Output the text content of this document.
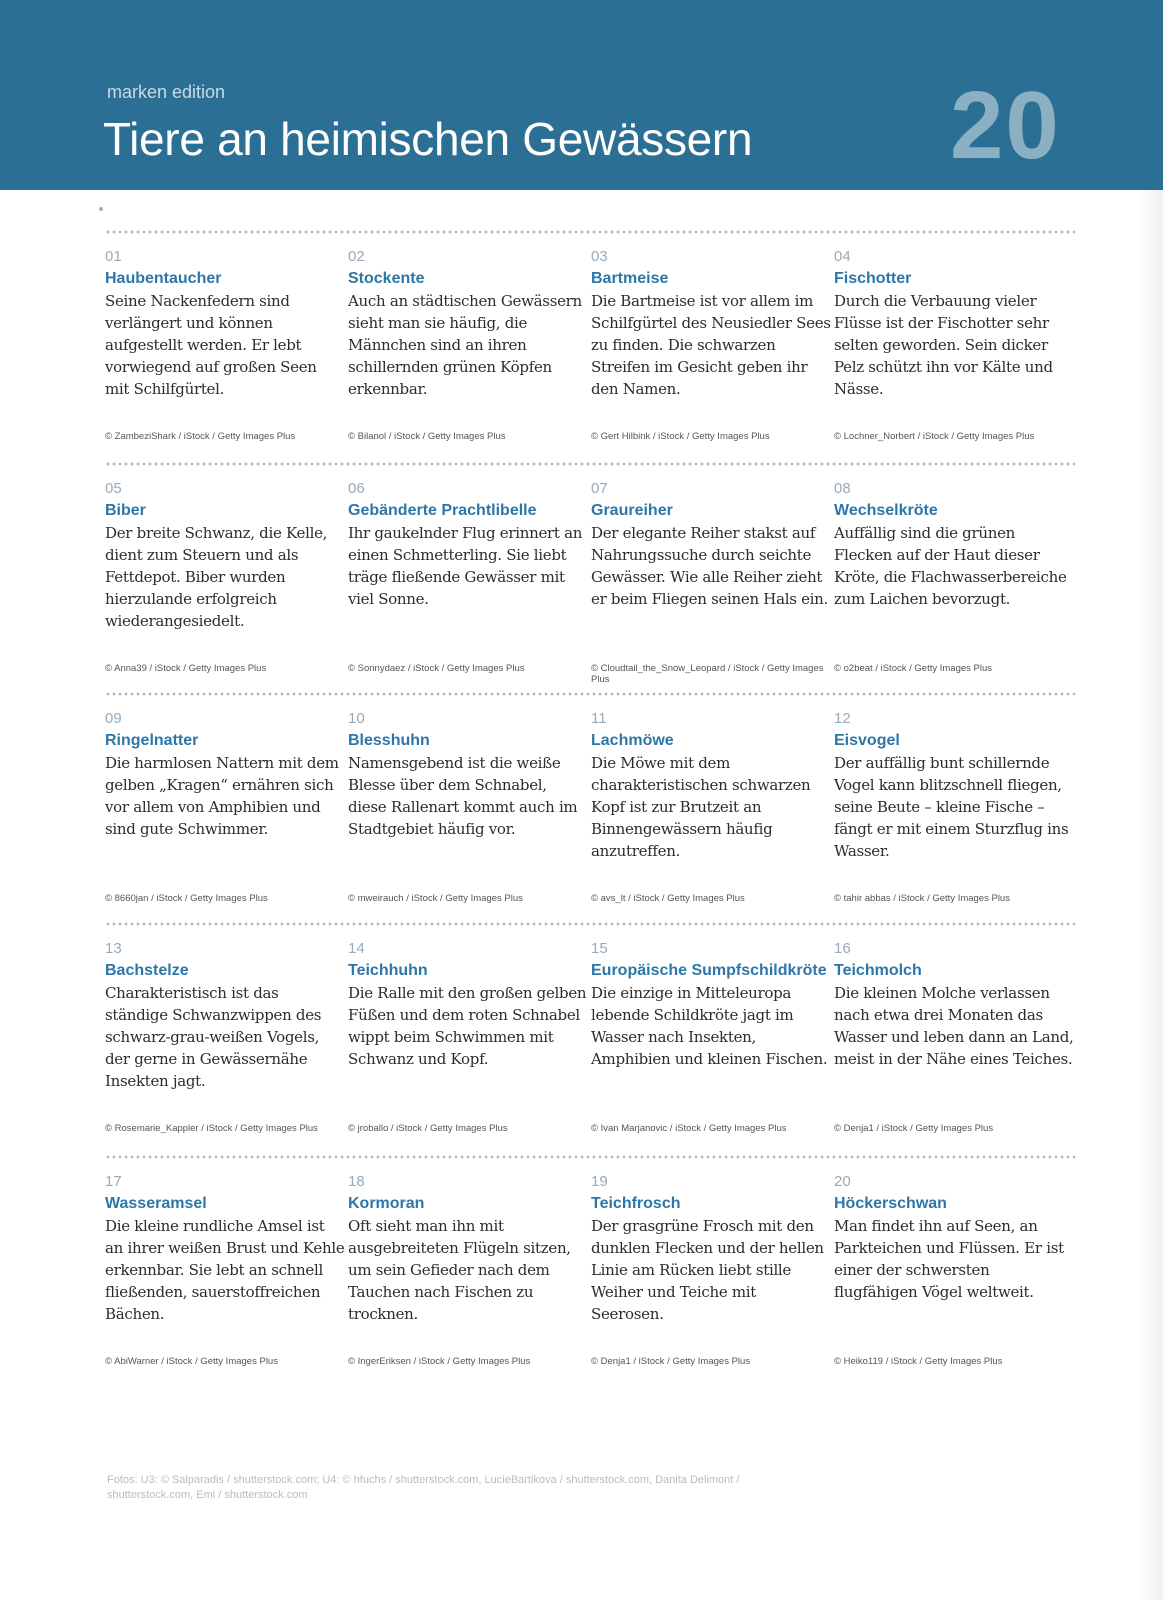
marken edition
Tiere an heimischen Gewässern 20
01
Haubentaucher
Seine Nackenfedern sind verlängert und können aufgestellt werden. Er lebt vorwiegend auf großen Seen mit Schilfgürtel.
© ZambeziShark / iStock / Getty Images Plus
02
Stockente
Auch an städtischen Gewässern sieht man sie häufig, die Männchen sind an ihren schillernden grünen Köpfen erkennbar.
© Bilanol / iStock / Getty Images Plus
03
Bartmeise
Die Bartmeise ist vor allem im Schilfgürtel des Neusiedler Sees zu finden. Die schwarzen Streifen im Gesicht geben ihr den Namen.
© Gert Hilbink / iStock / Getty Images Plus
04
Fischotter
Durch die Verbauung vieler Flüsse ist der Fischotter sehr selten geworden. Sein dicker Pelz schützt ihn vor Kälte und Nässe.
© Lochner_Norbert / iStock / Getty Images Plus
05
Biber
Der breite Schwanz, die Kelle, dient zum Steuern und als Fettdepot. Biber wurden hierzulande erfolgreich wiederangesiedelt.
© Anna39 / iStock / Getty Images Plus
06
Gebänderte Prachtlibelle
Ihr gaukelnder Flug erinnert an einen Schmetterling. Sie liebt träge fließende Gewässer mit viel Sonne.
© Sonnydaez / iStock / Getty Images Plus
07
Graureiher
Der elegante Reiher stakst auf Nahrungssuche durch seichte Gewässer. Wie alle Reiher zieht er beim Fliegen seinen Hals ein.
© Cloudtail_the_Snow_Leopard / iStock / Getty Images Plus
08
Wechselkröte
Auffällig sind die grünen Flecken auf der Haut dieser Kröte, die Flachwasserbereiche zum Laichen bevorzugt.
© o2beat / iStock / Getty Images Plus
09
Ringelnatter
Die harmlosen Nattern mit dem gelben „Kragen“ ernähren sich vor allem von Amphibien und sind gute Schwimmer.
© 8660jan / iStock / Getty Images Plus
10
Blesshuhn
Namensgebend ist die weiße Blesse über dem Schnabel, diese Rallenart kommt auch im Stadtgebiet häufig vor.
© mweirauch / iStock / Getty Images Plus
11
Lachmöwe
Die Möwe mit dem charakteristischen schwarzen Kopf ist zur Brutzeit an Binnengewässern häufig anzutreffen.
© avs_lt / iStock / Getty Images Plus
12
Eisvogel
Der auffällig bunt schillernde Vogel kann blitzschnell fliegen, seine Beute – kleine Fische – fängt er mit einem Sturzflug ins Wasser.
© tahir abbas / iStock / Getty Images Plus
13
Bachstelze
Charakteristisch ist das ständige Schwanzwippen des schwarz-grau-weißen Vogels, der gerne in Gewässernähe Insekten jagt.
© Rosemarie_Kappler / iStock / Getty Images Plus
14
Teichhuhn
Die Ralle mit den großen gelben Füßen und dem roten Schnabel wippt beim Schwimmen mit Schwanz und Kopf.
© jroballo / iStock / Getty Images Plus
15
Europäische Sumpfschildkröte
Die einzige in Mitteleuropa lebende Schildkröte jagt im Wasser nach Insekten, Amphibien und kleinen Fischen.
© Ivan Marjanovic / iStock / Getty Images Plus
16
Teichmolch
Die kleinen Molche verlassen nach etwa drei Monaten das Wasser und leben dann an Land, meist in der Nähe eines Teiches.
© Denja1 / iStock / Getty Images Plus
17
Wasseramsel
Die kleine rundliche Amsel ist an ihrer weißen Brust und Kehle erkennbar. Sie lebt an schnell fließenden, sauerstoffreichen Bächen.
© AbiWarner / iStock / Getty Images Plus
18
Kormoran
Oft sieht man ihn mit ausgebreiteten Flügeln sitzen, um sein Gefieder nach dem Tauchen nach Fischen zu trocknen.
© IngerEriksen / iStock / Getty Images Plus
19
Teichfrosch
Der grasgrüne Frosch mit den dunklen Flecken und der hellen Linie am Rücken liebt stille Weiher und Teiche mit Seerosen.
© Denja1 / iStock / Getty Images Plus
20
Höckerschwan
Man findet ihn auf Seen, an Parkteichen und Flüssen. Er ist einer der schwersten flugfähigen Vögel weltweit.
© Heiko119 / iStock / Getty Images Plus
Fotos: U3: © Salparadis / shutterstock.com; U4: © hfuchs / shutterstock.com, LucieBartikova / shutterstock.com, Danita Delimont / shutterstock.com, Emi / shutterstock.com
